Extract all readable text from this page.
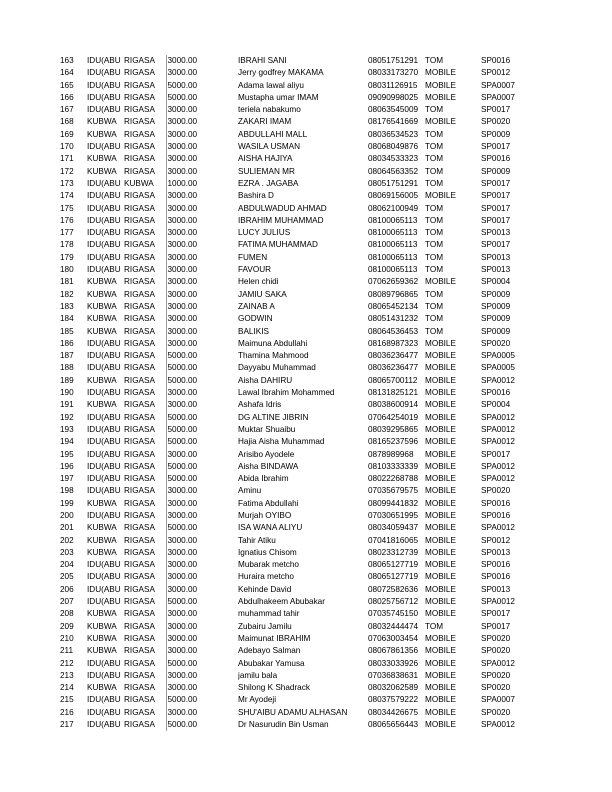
163	IDU(ABU	RIGASA	3000.00	IBRAHI SANI	08051751291	TOM	SP0016
164	IDU(ABU	RIGASA	3000.00	Jerry godfrey MAKAMA	08033173270	MOBILE	SP0012
165	IDU(ABU	RIGASA	5000.00	Adama lawal aliyu	08031126915	MOBILE	SPA0007
166	IDU(ABU	RIGASA	5000.00	Mustapha umar IMAM	09090998025	MOBILE	SPA0007
167	IDU(ABU	RIGASA	3000.00	teriela nabakumo	08063545009	TOM	SP0017
168	KUBWA	RIGASA	3000.00	ZAKARI IMAM	08176541669	MOBILE	SP0020
169	KUBWA	RIGASA	3000.00	ABDULLAHI MALL	08036534523	TOM	SP0009
170	IDU(ABU	RIGASA	3000.00	WASILA USMAN	08068049876	TOM	SP0017
171	KUBWA	RIGASA	3000.00	AISHA HAJIYA	08034533323	TOM	SP0016
172	KUBWA	RIGASA	3000.00	SULIEMAN MR	08064563352	TOM	SP0009
173	IDU(ABU	KUBWA	1000.00	EZRA . JAGABA	08051751291	TOM	SP0017
174	IDU(ABU	RIGASA	3000.00	Bashira D	08069156005	MOBILE	SP0017
175	IDU(ABU	RIGASA	3000.00	ABDULWADUD AHMAD	08062100949	TOM	SP0017
176	IDU(ABU	RIGASA	3000.00	IBRAHIM MUHAMMAD	08100065113	TOM	SP0017
177	IDU(ABU	RIGASA	3000.00	LUCY JULIUS	08100065113	TOM	SP0013
178	IDU(ABU	RIGASA	3000.00	FATIMA MUHAMMAD	08100065113	TOM	SP0017
179	IDU(ABU	RIGASA	3000.00	FUMEN	08100065113	TOM	SP0013
180	IDU(ABU	RIGASA	3000.00	FAVOUR	08100065113	TOM	SP0013
181	KUBWA	RIGASA	3000.00	Helen chidi	07062659362	MOBILE	SP0004
182	KUBWA	RIGASA	3000.00	JAMIU SAKA	08089796865	TOM	SP0009
183	KUBWA	RIGASA	3000.00	ZAINAB A	08065452134	TOM	SP0009
184	KUBWA	RIGASA	3000.00	GODWIN	08051431232	TOM	SP0009
185	KUBWA	RIGASA	3000.00	BALIKIS	08064536453	TOM	SP0009
186	IDU(ABU	RIGASA	3000.00	Maimuna Abdullahi	08168987323	MOBILE	SP0020
187	IDU(ABU	RIGASA	5000.00	Thamina Mahmood	08036236477	MOBILE	SPA0005
188	IDU(ABU	RIGASA	5000.00	Dayyabu Muhammad	08036236477	MOBILE	SPA0005
189	KUBWA	RIGASA	5000.00	Aisha DAHIRU	08065700112	MOBILE	SPA0012
190	IDU(ABU	RIGASA	3000.00	Lawal Ibrahim Mohammed	08131825121	MOBILE	SP0016
191	KUBWA	RIGASA	3000.00	Ashafa Idris	08038600914	MOBILE	SP0004
192	IDU(ABU	RIGASA	5000.00	DG ALTINE JIBRIN	07064254019	MOBILE	SPA0012
193	IDU(ABU	RIGASA	5000.00	Muktar Shuaibu	08039295865	MOBILE	SPA0012
194	IDU(ABU	RIGASA	5000.00	Hajia Aisha Muhammad	08165237596	MOBILE	SPA0012
195	IDU(ABU	RIGASA	3000.00	Arisibo Ayodele	0878989968	MOBILE	SP0017
196	IDU(ABU	RIGASA	5000.00	Aisha BINDAWA	08103333339	MOBILE	SPA0012
197	IDU(ABU	RIGASA	5000.00	Abida Ibrahim	08022268788	MOBILE	SPA0012
198	IDU(ABU	RIGASA	3000.00	Aminu	07035679575	MOBILE	SP0020
199	KUBWA	RIGASA	3000.00	Fatima Abdullahi	08099441832	MOBILE	SP0016
200	IDU(ABU	RIGASA	3000.00	Murjah OYIBO	07030651995	MOBILE	SP0016
201	KUBWA	RIGASA	5000.00	ISA WANA ALIYU	08034059437	MOBILE	SPA0012
202	KUBWA	RIGASA	3000.00	Tahir Atiku	07041816065	MOBILE	SP0012
203	KUBWA	RIGASA	3000.00	Ignatius Chisom	08023312739	MOBILE	SP0013
204	IDU(ABU	RIGASA	3000.00	Mubarak metcho	08065127719	MOBILE	SP0016
205	IDU(ABU	RIGASA	3000.00	Huraira metcho	08065127719	MOBILE	SP0016
206	IDU(ABU	RIGASA	3000.00	Kehinde David	08072582636	MOBILE	SP0013
207	IDU(ABU	RIGASA	5000.00	Abdulhakeem Abubakar	08025756712	MOBILE	SPA0012
208	KUBWA	RIGASA	3000.00	muhammad tahir	07035745150	MOBILE	SP0017
209	KUBWA	RIGASA	3000.00	Zubairu Jamilu	08032444474	TOM	SP0017
210	KUBWA	RIGASA	3000.00	Maimunat IBRAHIM	07063003454	MOBILE	SP0020
211	KUBWA	RIGASA	3000.00	Adebayo Salman	08067861356	MOBILE	SP0020
212	IDU(ABU	RIGASA	5000.00	Abubakar Yamusa	08033033926	MOBILE	SPA0012
213	IDU(ABU	RIGASA	3000.00	jamilu bala	07036838631	MOBILE	SP0020
214	KUBWA	RIGASA	3000.00	Shilong K Shadrack	08032062589	MOBILE	SP0020
215	IDU(ABU	RIGASA	5000.00	Mr Ayodeji	08037579222	MOBILE	SPA0007
216	IDU(ABU	RIGASA	3000.00	SHU'AIBU ADAMU ALHASAN	08034426675	MOBILE	SP0020
217	IDU(ABU	RIGASA	5000.00	Dr Nasurudin Bin Usman	08065656443	MOBILE	SPA0012
